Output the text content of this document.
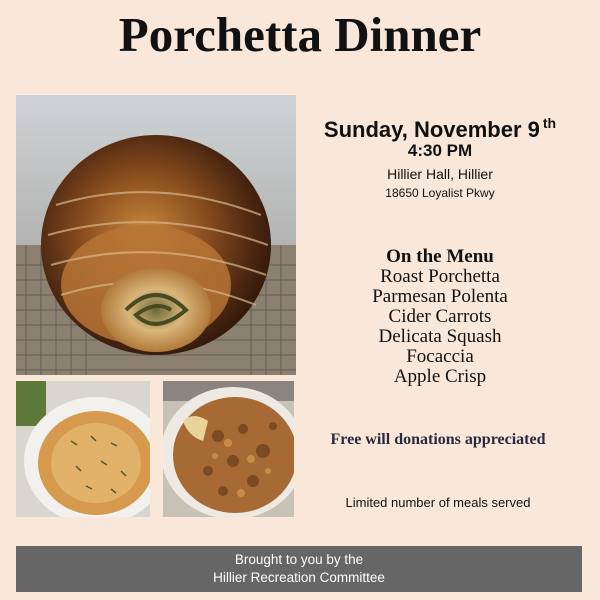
Porchetta Dinner
Sunday, November 9 $^{th}$
4:30 PM
Hillier Hall, Hillier
18650 Loyalist Pkwy
On the Menu
Roast Porchetta
Parmesan Polenta
Cider Carrots
Delicata Squash
Focaccia
Apple Crisp
Free will donations appreciated
Limited number of meals served
Brought to you by the
Hillier Recreation Committee
